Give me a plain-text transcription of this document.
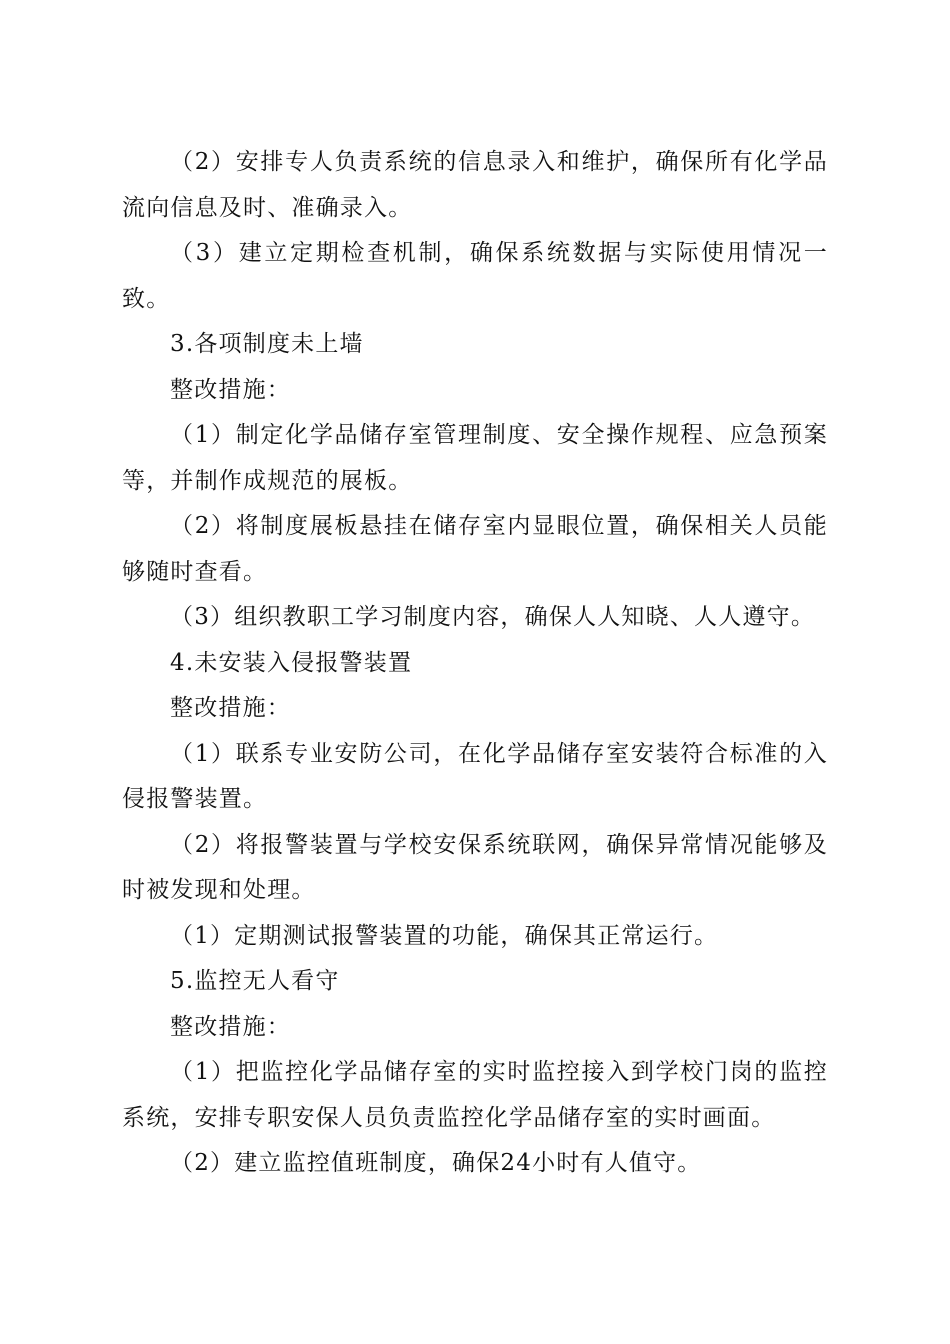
（2）安排专人负责系统的信息录入和维护，确保所有化学品流向信息及时、准确录入。

（3）建立定期检查机制，确保系统数据与实际使用情况一致。

3.各项制度未上墙

整改措施：

（1）制定化学品储存室管理制度、安全操作规程、应急预案等，并制作成规范的展板。

（2）将制度展板悬挂在储存室内显眼位置，确保相关人员能够随时查看。

（3）组织教职工学习制度内容，确保人人知晓、人人遵守。

4.未安装入侵报警装置

整改措施：

（1）联系专业安防公司，在化学品储存室安装符合标准的入侵报警装置。

（2）将报警装置与学校安保系统联网，确保异常情况能够及时被发现和处理。

（1）定期测试报警装置的功能，确保其正常运行。

5.监控无人看守

整改措施：

（1）把监控化学品储存室的实时监控接入到学校门岗的监控系统，安排专职安保人员负责监控化学品储存室的实时画面。

（2）建立监控值班制度，确保24小时有人值守。
